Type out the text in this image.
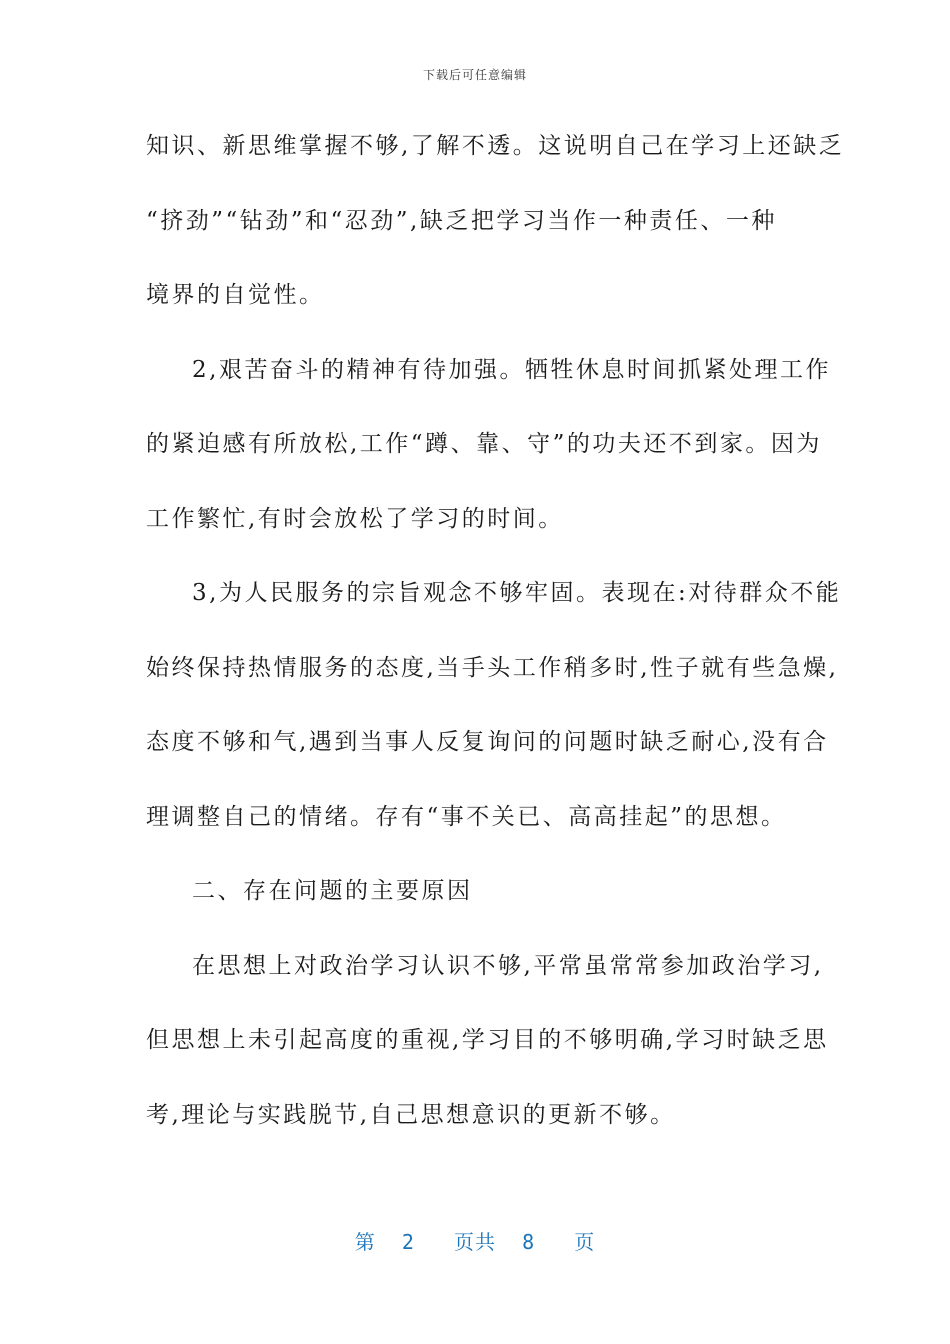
下载后可任意编辑
知识、新思维掌握不够,了解不透。这说明自己在学习上还缺乏
“挤劲”“钻劲”和“忍劲”,缺乏把学习当作一种责任、一种
境界的自觉性。
2,艰苦奋斗的精神有待加强。牺牲休息时间抓紧处理工作
的紧迫感有所放松,工作“蹲、靠、守”的功夫还不到家。因为
工作繁忙,有时会放松了学习的时间。
3,为人民服务的宗旨观念不够牢固。表现在:对待群众不能
始终保持热情服务的态度,当手头工作稍多时,性子就有些急燥,
态度不够和气,遇到当事人反复询问的问题时缺乏耐心,没有合
理调整自己的情绪。存有“事不关已、高高挂起”的思想。
二、存在问题的主要原因
在思想上对政治学习认识不够,平常虽常常参加政治学习,
但思想上未引起高度的重视,学习目的不够明确,学习时缺乏思
考,理论与实践脱节,自己思想意识的更新不够。
第  2   页共  8   页
